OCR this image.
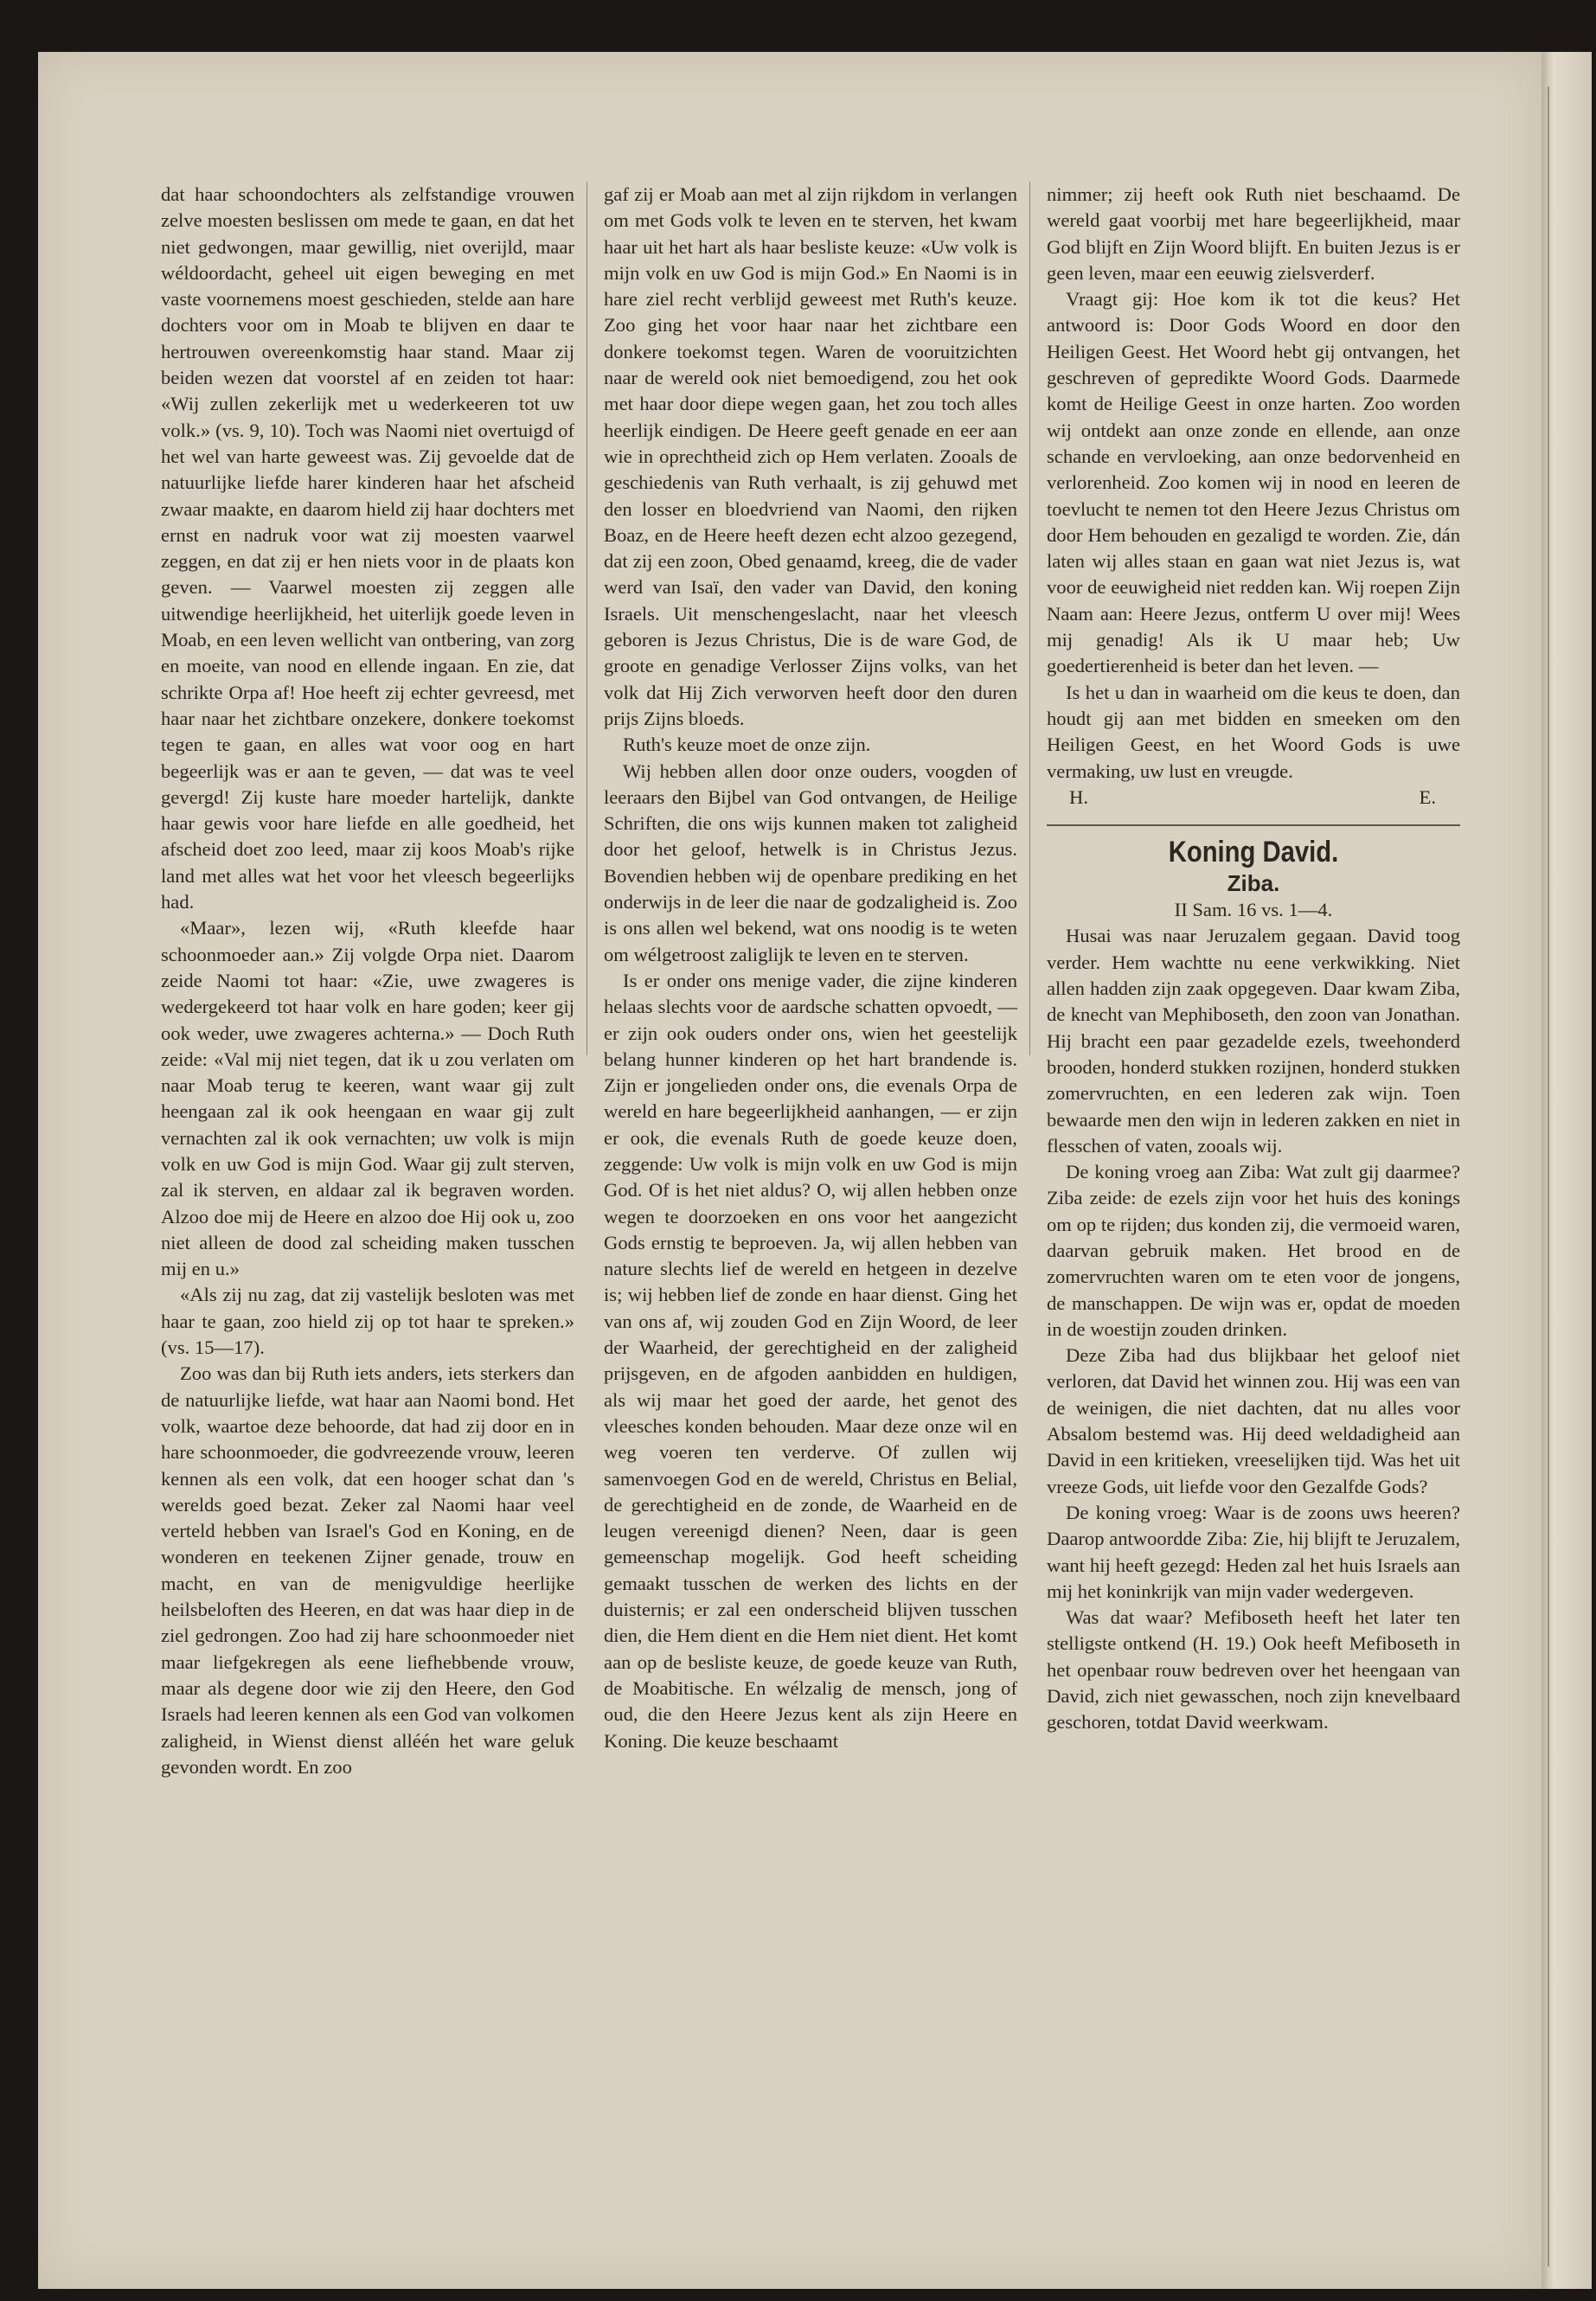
dat haar schoondochters als zelfstandige vrouwen zelve moesten beslissen om mede te gaan, en dat het niet gedwongen, maar gewillig, niet overijld, maar wéldoordacht, geheel uit eigen beweging en met vaste voornemens moest geschieden, stelde aan hare dochters voor om in Moab te blijven en daar te hertrouwen overeenkomstig haar stand. Maar zij beiden wezen dat voorstel af en zeiden tot haar: «Wij zullen zekerlijk met u wederkeeren tot uw volk.» (vs. 9, 10). Toch was Naomi niet overtuigd of het wel van harte geweest was. Zij gevoelde dat de natuurlijke liefde harer kinderen haar het afscheid zwaar maakte, en daarom hield zij haar dochters met ernst en nadruk voor wat zij moesten vaarwel zeggen, en dat zij er hen niets voor in de plaats kon geven. — Vaarwel moesten zij zeggen alle uitwendige heerlijkheid, het uiterlijk goede leven in Moab, en een leven wellicht van ontbering, van zorg en moeite, van nood en ellende ingaan. En zie, dat schrikte Orpa af! Hoe heeft zij echter gevreesd, met haar naar het zichtbare onzekere, donkere toekomst tegen te gaan, en alles wat voor oog en hart begeerlijk was er aan te geven, — dat was te veel gevergd! Zij kuste hare moeder hartelijk, dankte haar gewis voor hare liefde en alle goedheid, het afscheid doet zoo leed, maar zij koos Moab's rijke land met alles wat het voor het vleesch begeerlijks had.

«Maar», lezen wij, «Ruth kleefde haar schoonmoeder aan.» Zij volgde Orpa niet. Daarom zeide Naomi tot haar: «Zie, uwe zwageres is wedergekeerd tot haar volk en hare goden; keer gij ook weder, uwe zwageres achterna.» — Doch Ruth zeide: «Val mij niet tegen, dat ik u zou verlaten om naar Moab terug te keeren, want waar gij zult heengaan zal ik ook heengaan en waar gij zult vernachten zal ik ook vernachten; uw volk is mijn volk en uw God is mijn God. Waar gij zult sterven, zal ik sterven, en aldaar zal ik begraven worden. Alzoo doe mij de Heere en alzoo doe Hij ook u, zoo niet alleen de dood zal scheiding maken tusschen mij en u.»

«Als zij nu zag, dat zij vastelijk besloten was met haar te gaan, zoo hield zij op tot haar te spreken.» (vs. 15—17).

Zoo was dan bij Ruth iets anders, iets sterkers dan de natuurlijke liefde, wat haar aan Naomi bond. Het volk, waartoe deze behoorde, dat had zij door en in hare schoonmoeder, die godvreezende vrouw, leeren kennen als een volk, dat een hooger schat dan 's werelds goed bezat. Zeker zal Naomi haar veel verteld hebben van Israel's God en Koning, en de wonderen en teekenen Zijner genade, trouw en macht, en van de menigvuldige heerlijke heilsbeloften des Heeren, en dat was haar diep in de ziel gedrongen. Zoo had zij hare schoonmoeder niet maar liefgekregen als eene liefhebbende vrouw, maar als degene door wie zij den Heere, den God Israels had leeren kennen als een God van volkomen zaligheid, in Wienst dienst alléén het ware geluk gevonden wordt. En zoo

gaf zij er Moab aan met al zijn rijkdom in verlangen om met Gods volk te leven en te sterven, het kwam haar uit het hart als haar besliste keuze: «Uw volk is mijn volk en uw God is mijn God.» En Naomi is in hare ziel recht verblijd geweest met Ruth's keuze. Zoo ging het voor haar naar het zichtbare een donkere toekomst tegen. Waren de vooruitzichten naar de wereld ook niet bemoedigend, zou het ook met haar door diepe wegen gaan, het zou toch alles heerlijk eindigen. De Heere geeft genade en eer aan wie in oprechtheid zich op Hem verlaten. Zooals de geschiedenis van Ruth verhaalt, is zij gehuwd met den losser en bloedvriend van Naomi, den rijken Boaz, en de Heere heeft dezen echt alzoo gezegend, dat zij een zoon, Obed genaamd, kreeg, die de vader werd van Isaï, den vader van David, den koning Israels. Uit menschengeslacht, naar het vleesch geboren is Jezus Christus, Die is de ware God, de groote en genadige Verlosser Zijns volks, van het volk dat Hij Zich verworven heeft door den duren prijs Zijns bloeds.

Ruth's keuze moet de onze zijn.

Wij hebben allen door onze ouders, voogden of leeraars den Bijbel van God ontvangen, de Heilige Schriften, die ons wijs kunnen maken tot zaligheid door het geloof, hetwelk is in Christus Jezus. Bovendien hebben wij de openbare prediking en het onderwijs in de leer die naar de godzaligheid is. Zoo is ons allen wel bekend, wat ons noodig is te weten om wélgetroost zaliglijk te leven en te sterven.

Is er onder ons menige vader, die zijne kinderen helaas slechts voor de aardsche schatten opvoedt, — er zijn ook ouders onder ons, wien het geestelijk belang hunner kinderen op het hart brandende is. Zijn er jongelieden onder ons, die evenals Orpa de wereld en hare begeerlijkheid aanhangen, — er zijn er ook, die evenals Ruth de goede keuze doen, zeggende: Uw volk is mijn volk en uw God is mijn God. Of is het niet aldus? O, wij allen hebben onze wegen te doorzoeken en ons voor het aangezicht Gods ernstig te beproeven. Ja, wij allen hebben van nature slechts lief de wereld en hetgeen in dezelve is; wij hebben lief de zonde en haar dienst. Ging het van ons af, wij zouden God en Zijn Woord, de leer der Waarheid, der gerechtigheid en der zaligheid prijsgeven, en de afgoden aanbidden en huldigen, als wij maar het goed der aarde, het genot des vleesches konden behouden. Maar deze onze wil en weg voeren ten verderve. Of zullen wij samenvoegen God en de wereld, Christus en Belial, de gerechtigheid en de zonde, de Waarheid en de leugen vereenigd dienen? Neen, daar is geen gemeenschap mogelijk. God heeft scheiding gemaakt tusschen de werken des lichts en der duisternis; er zal een onderscheid blijven tusschen dien, die Hem dient en die Hem niet dient. Het komt aan op de besliste keuze, de goede keuze van Ruth, de Moabitische. En wélzalig de mensch, jong of oud, die den Heere Jezus kent als zijn Heere en Koning. Die keuze beschaamt

nimmer; zij heeft ook Ruth niet beschaamd. De wereld gaat voorbij met hare begeerlijkheid, maar God blijft en Zijn Woord blijft. En buiten Jezus is er geen leven, maar een eeuwig zielsverderf.

Vraagt gij: Hoe kom ik tot die keus? Het antwoord is: Door Gods Woord en door den Heiligen Geest. Het Woord hebt gij ontvangen, het geschreven of gepredikte Woord Gods. Daarmede komt de Heilige Geest in onze harten. Zoo worden wij ontdekt aan onze zonde en ellende, aan onze schande en vervloeking, aan onze bedorvenheid en verlorenheid. Zoo komen wij in nood en leeren de toevlucht te nemen tot den Heere Jezus Christus om door Hem behouden en gezaligd te worden. Zie, dán laten wij alles staan en gaan wat niet Jezus is, wat voor de eeuwigheid niet redden kan. Wij roepen Zijn Naam aan: Heere Jezus, ontferm U over mij! Wees mij genadig! Als ik U maar heb; Uw goedertierenheid is beter dan het leven. —

Is het u dan in waarheid om die keus te doen, dan houdt gij aan met bidden en smeeken om den Heiligen Geest, en het Woord Gods is uwe vermaking, uw lust en vreugde.

H.	E.
Koning David.
Ziba.
II Sam. 16 vs. 1—4.

Husai was naar Jeruzalem gegaan. David toog verder. Hem wachtte nu eene verkwikking. Niet allen hadden zijn zaak opgegeven. Daar kwam Ziba, de knecht van Mephiboseth, den zoon van Jonathan. Hij bracht een paar gezadelde ezels, tweehonderd brooden, honderd stukken rozijnen, honderd stukken zomervruchten, en een lederen zak wijn. Toen bewaarde men den wijn in lederen zakken en niet in flesschen of vaten, zooals wij.

De koning vroeg aan Ziba: Wat zult gij daarmee? Ziba zeide: de ezels zijn voor het huis des konings om op te rijden; dus konden zij, die vermoeid waren, daarvan gebruik maken. Het brood en de zomervruchten waren om te eten voor de jongens, de manschappen. De wijn was er, opdat de moeden in de woestijn zouden drinken.

Deze Ziba had dus blijkbaar het geloof niet verloren, dat David het winnen zou. Hij was een van de weinigen, die niet dachten, dat nu alles voor Absalom bestemd was. Hij deed weldadigheid aan David in een kritieken, vreeselijken tijd. Was het uit vreeze Gods, uit liefde voor den Gezalfde Gods?

De koning vroeg: Waar is de zoons uws heeren? Daarop antwoordde Ziba: Zie, hij blijft te Jeruzalem, want hij heeft gezegd: Heden zal het huis Israels aan mij het koninkrijk van mijn vader wedergeven.

Was dat waar? Mefiboseth heeft het later ten stelligste ontkend (H. 19.) Ook heeft Mefiboseth in het openbaar rouw bedreven over het heengaan van David, zich niet gewasschen, noch zijn knevelbaard geschoren, totdat David weerkwam.
